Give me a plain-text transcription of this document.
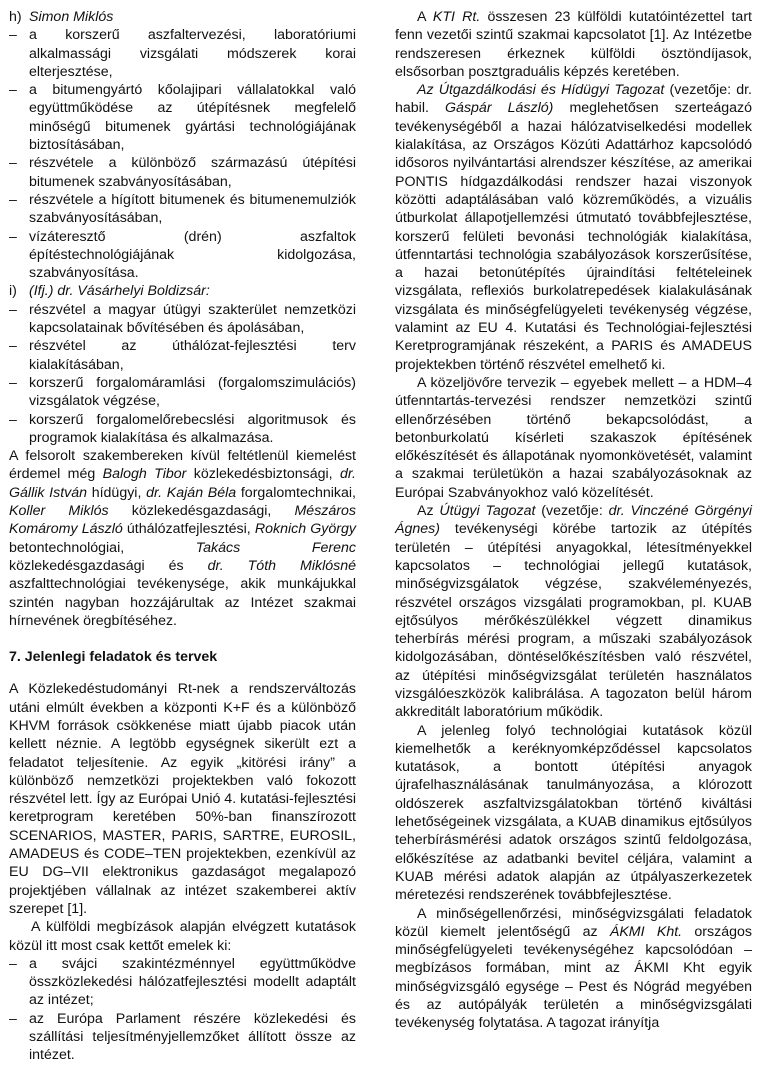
h) Simon Miklós
– a korszerű aszfaltervezési, laboratóriumi alkalmassági vizsgálati módszerek korai elterjesztése,
– a bitumengyártó kőolajipari vállalatokkal való együttműködése az útépítésnek megfelelő minőségű bitumenek gyártási technológiájának biztosításában,
– részvétele a különböző származású útépítési bitumenek szabványosításában,
– részvétele a hígított bitumenek és bitumenemulziók szabványosításában,
– vízáteresztő (drén) aszfaltok építéstechnológiájának kidolgozása, szabványosítása.
i) (Ifj.) dr. Vásárhelyi Boldizsár:
– részvétel a magyar útügyi szakterület nemzetközi kapcsolatainak bővítésében és ápolásában,
– részvétel az úthálózat-fejlesztési terv kialakításában,
– korszerű forgalomáramlási (forgalomszimulációs) vizsgálatok végzése,
– korszerű forgalomelőrebecslési algoritmusok és programok kialakítása és alkalmazása.

A felsorolt szakembereken kívül feltétlenül kiemelést érdemel még Balogh Tibor közlekedésbiztonsági, dr. Gállik István hídügyi, dr. Kaján Béla forgalomtechnikai, Koller Miklós közlekedésgazdasági, Mészáros Komáromy László úthálózatfejlesztési, Roknich György betontechnológiai, Takács Ferenc közlekedésgazdasági és dr. Tóth Miklósné aszfalttechnológiai tevékenysége, akik munkájukkal szintén nagyban hozzájárultak az Intézet szakmai hírnevének öregbítéséhez.

7. Jelenlegi feladatok és tervek

A Közlekedéstudományi Rt-nek a rendszerváltozás utáni elmúlt években a központi K+F és a különböző KHVM források csökkenése miatt újabb piacok után kellett néznie. A legtöbb egységnek sikerült ezt a feladatot teljesítenie. Az egyik „kitörési irány” a különböző nemzetközi projektekben való fokozott részvétel lett. Így az Európai Unió 4. kutatási-fejlesztési keretprogram keretében 50%-ban finanszírozott SCENARIOS, MASTER, PARIS, SARTRE, EUROSIL, AMADEUS és CODE–TEN projektekben, ezenkívül az EU DG–VII elektronikus gazdaságot megalapozó projektjében vállalnak az intézet szakemberei aktív szerepet [1].

A külföldi megbízások alapján elvégzett kutatások közül itt most csak kettőt emelek ki:

– a svájci szakintézménnyel együttműködve összközlekedési hálózatfejlesztési modellt adaptált az intézet;
– az Európa Parlament részére közlekedési és szállítási teljesítményjellemzőket állított össze az intézet.

A KTI Rt. összesen 23 külföldi kutatóintézettel tart fenn vezetői szintű szakmai kapcsolatot [1]. Az Intézetbe rendszeresen érkeznek külföldi ösztöndíjasok, elsősorban posztgraduális képzés keretében.

Az Útgazdálkodási és Hídügyi Tagozat (vezetője: dr. habil. Gáspár László) meglehetősen szerteágazó tevékenységéből a hazai hálózatviselkedési modellek kialakítása, az Országos Közúti Adattárhoz kapcsolódó idősoros nyilvántartási alrendszer készítése, az amerikai PONTIS hídgazdálkodási rendszer hazai viszonyok közötti adaptálásában való közreműködés, a vizuális útburkolat állapotjellemzési útmutató továbbfejlesztése, korszerű felületi bevonási technológiák kialakítása, útfenntartási technológia szabályozások korszerűsítése, a hazai betonútépítés újraindítási feltételeinek vizsgálata, reflexiós burkolatrepedések kialakulásának vizsgálata és minőségfelügyeleti tevékenység végzése, valamint az EU 4. Kutatási és Technológiai-fejlesztési Keretprogramjának részeként, a PARIS és AMADEUS projektekben történő részvétel emelhető ki.

A közeljövőre tervezik – egyebek mellett – a HDM–4 útfenntartás-tervezési rendszer nemzetközi szintű ellenőrzésében történő bekapcsolódást, a betonburkolatú kísérleti szakaszok építésének előkészítését és állapotának nyomonkövetését, valamint a szakmai területükön a hazai szabályozásoknak az Európai Szabványokhoz való közelítését.

Az Útügyi Tagozat (vezetője: dr. Vinczéné Görgényi Ágnes) tevékenységi körébe tartozik az útépítés területén – útépítési anyagokkal, létesítményekkel kapcsolatos – technológiai jellegű kutatások, minőségvizsgálatok végzése, szakvéleményezés, részvétel országos vizsgálati programokban, pl. KUAB ejtősúlyos mérőkészülékkel végzett dinamikus teherbírás mérési program, a műszaki szabályozások kidolgozásában, döntéselőkészítésben való részvétel, az útépítési minőségvizsgálat területén használatos vizsgálóeszközök kalibrálása. A tagozaton belül három akkreditált laboratórium működik.

A jelenleg folyó technológiai kutatások közül kiemelhetők a keréknyomképződéssel kapcsolatos kutatások, a bontott útépítési anyagok újrafelhasználásának tanulmányozása, a klórozott oldószerek aszfaltvizsgálatokban történő kiváltási lehetőségeinek vizsgálata, a KUAB dinamikus ejtősúlyos teherbírásmérési adatok országos szintű feldolgozása, előkészítése az adatbanki bevitel céljára, valamint a KUAB mérési adatok alapján az útpályaszerkezetek méretezési rendszerének továbbfejlesztése.

A minőségellenőrzési, minőségvizsgálati feladatok közül kiemelt jelentőségű az ÁKMI Kht. országos minőségfelügyeleti tevékenységéhez kapcsolódóan – megbízásos formában, mint az ÁKMI Kht egyik minőségvizsgáló egysége – Pest és Nógrád megyében és az autópályák területén a minőségvizsgálati tevékenység folytatása. A tagozat irányítja
